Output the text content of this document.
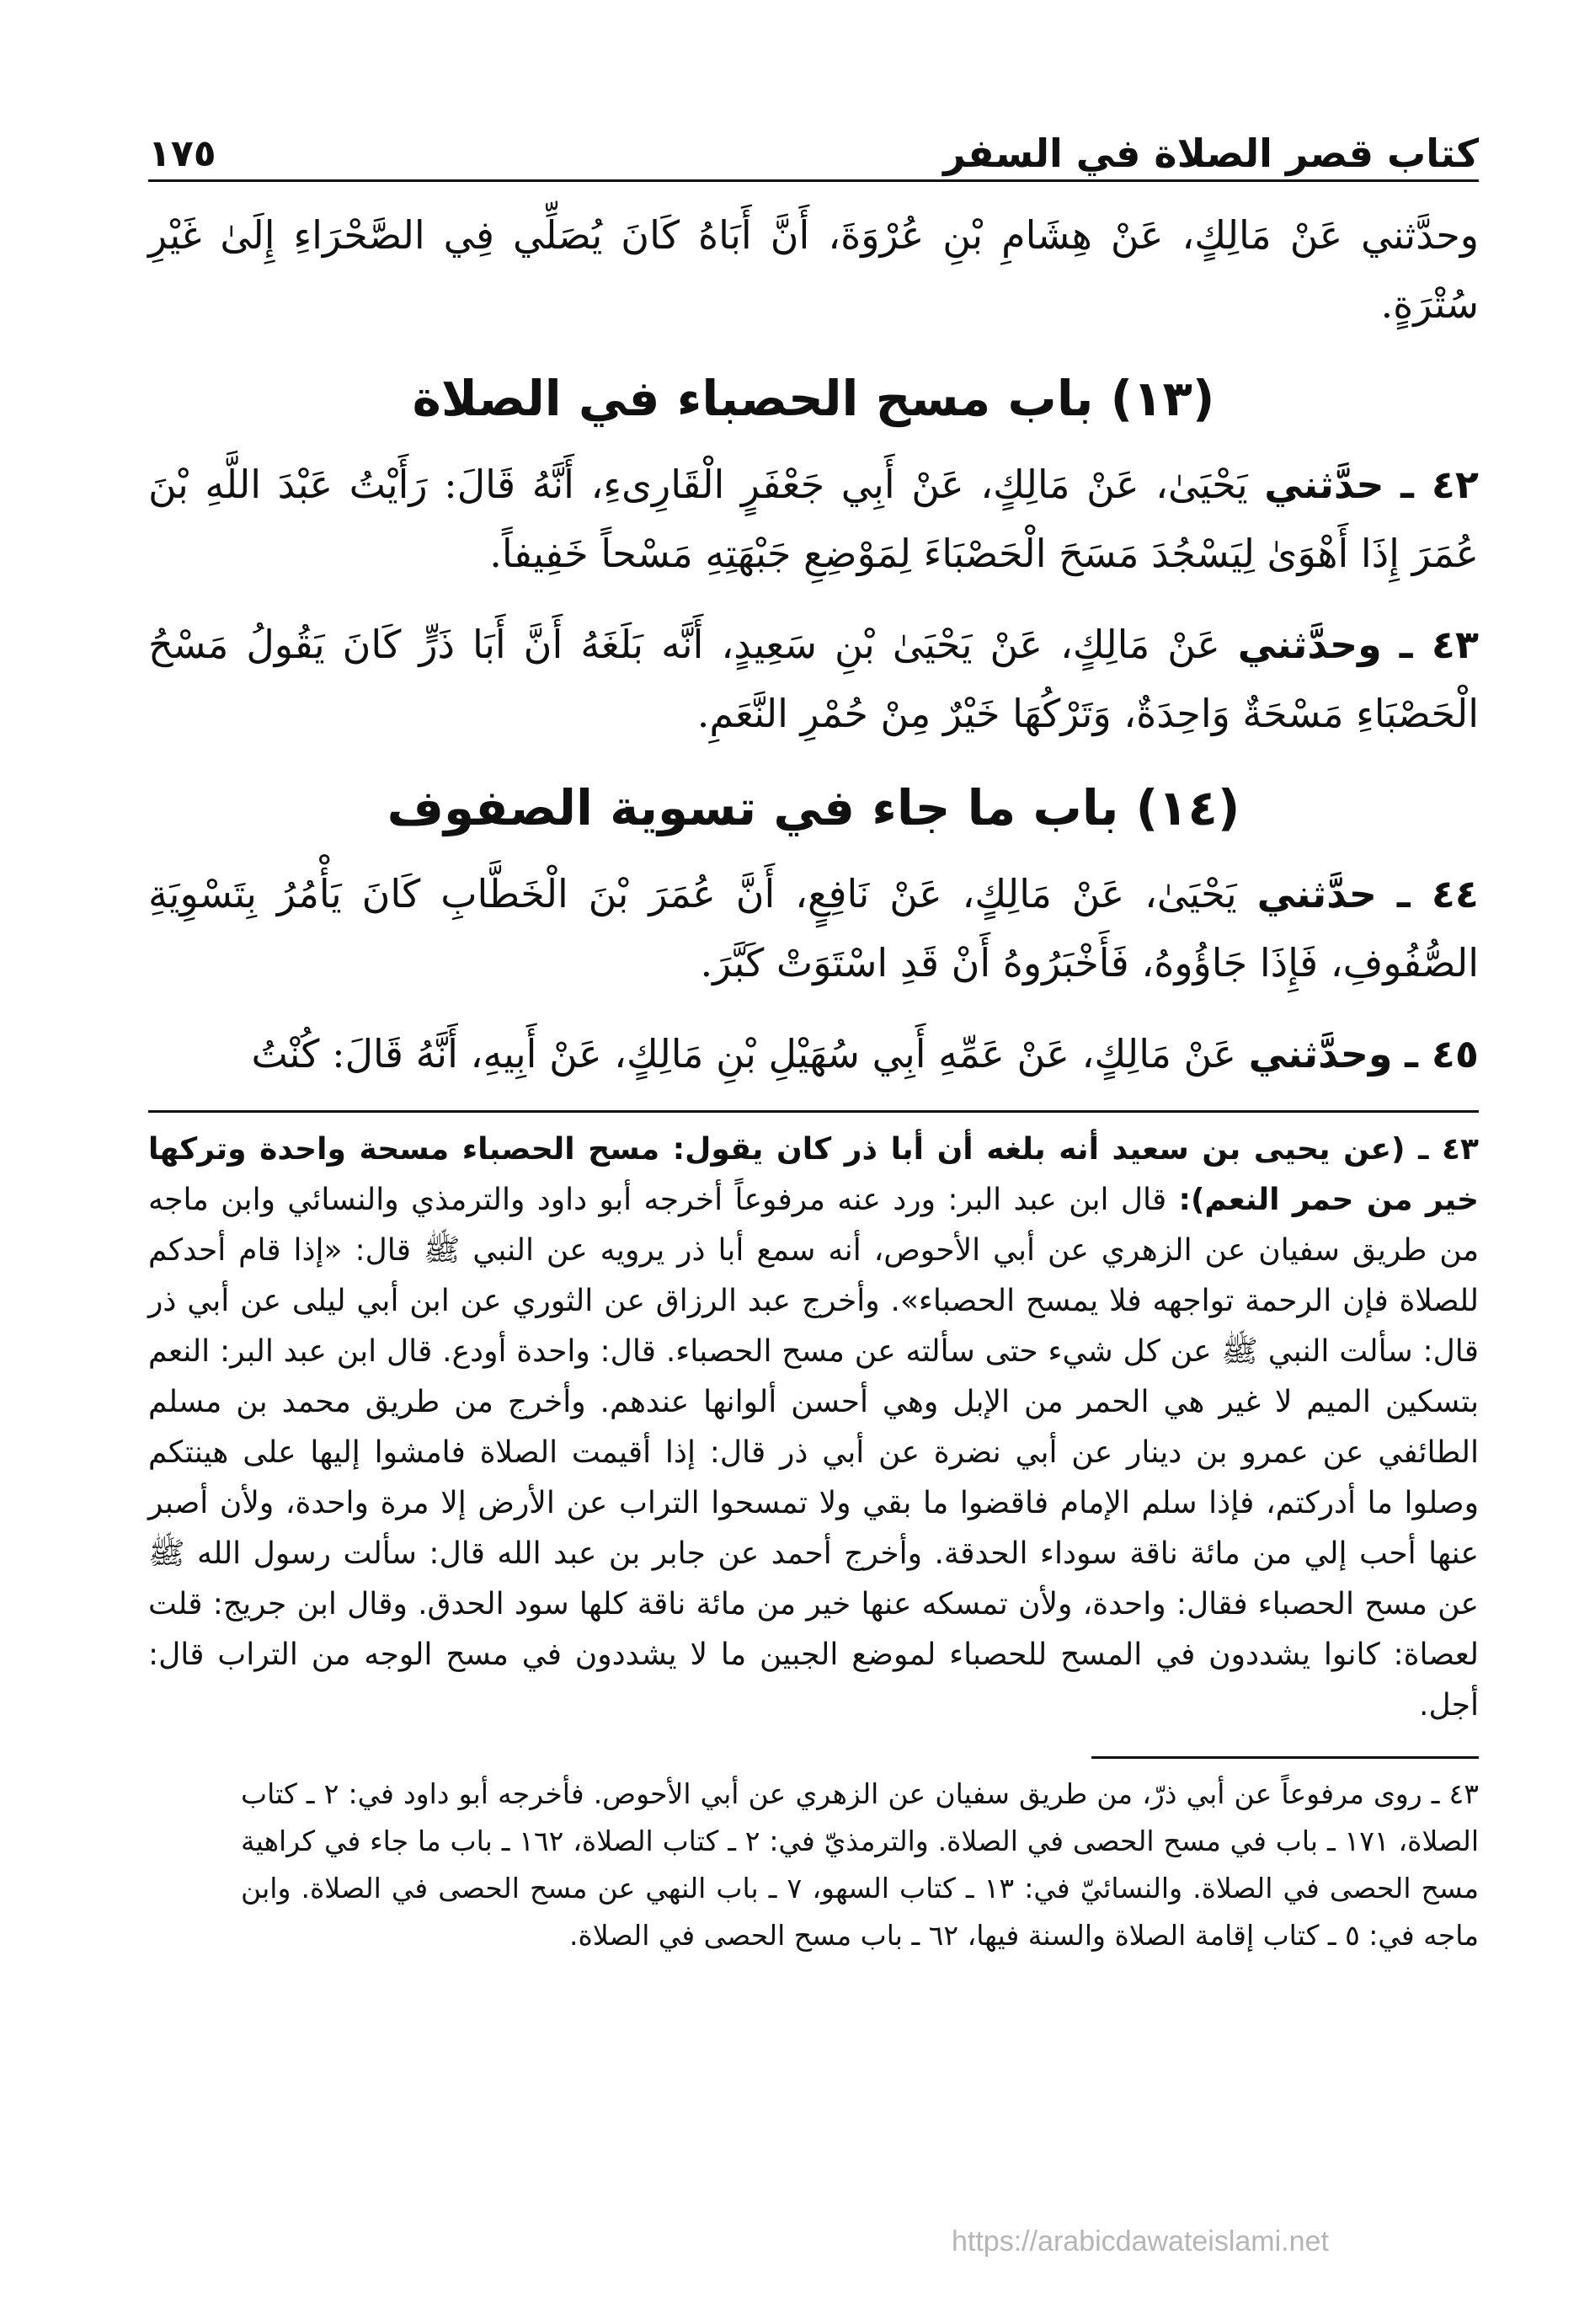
كتاب قصر الصلاة في السفر
١٧٥

وحدَّثني عَنْ مَالِكٍ، عَنْ هِشَامِ بْنِ عُرْوَةَ، أَنَّ أَبَاهُ كَانَ يُصَلِّي فِي الصَّحْرَاءِ إِلَىٰ غَيْرِ سُتْرَةٍ.

(١٣) باب مسح الحصباء في الصلاة

٤٢ ـ حدَّثني يَحْيَىٰ، عَنْ مَالِكٍ، عَنْ أَبِي جَعْفَرٍ الْقَارِىءِ، أَنَّهُ قَالَ: رَأَيْتُ عَبْدَ اللَّهِ بْنَ عُمَرَ إِذَا أَهْوَىٰ لِيَسْجُدَ مَسَحَ الْحَصْبَاءَ لِمَوْضِعِ جَبْهَتِهِ مَسْحاً خَفِيفاً.

٤٣ ـ وحدَّثني عَنْ مَالِكٍ، عَنْ يَحْيَىٰ بْنِ سَعِيدٍ، أَنَّه بَلَغَهُ أَنَّ أَبَا ذَرٍّ كَانَ يَقُولُ مَسْحُ الْحَصْبَاءِ مَسْحَةٌ وَاحِدَةٌ، وَتَرْكُهَا خَيْرٌ مِنْ حُمْرِ النَّعَمِ.

(١٤) باب ما جاء في تسوية الصفوف

٤٤ ـ حدَّثني يَحْيَىٰ، عَنْ مَالِكٍ، عَنْ نَافِعٍ، أَنَّ عُمَرَ بْنَ الْخَطَّابِ كَانَ يَأْمُرُ بِتَسْوِيَةِ الصُّفُوفِ، فَإِذَا جَاؤُوهُ، فَأَخْبَرُوهُ أَنْ قَدِ اسْتَوَتْ كَبَّرَ.

٤٥ ـ وحدَّثني عَنْ مَالِكٍ، عَنْ عَمِّهِ أَبِي سُهَيْلِ بْنِ مَالِكٍ، عَنْ أَبِيهِ، أَنَّهُ قَالَ: كُنْتُ

٤٣ ـ (عن يحيى بن سعيد أنه بلغه أن أبا ذر كان يقول: مسح الحصباء مسحة واحدة وتركها خير من حمر النعم): قال ابن عبد البر: ورد عنه مرفوعاً أخرجه أبو داود والترمذي والنسائي وابن ماجه من طريق سفيان عن الزهري عن أبي الأحوص، أنه سمع أبا ذر يرويه عن النبي ﷺ قال: «إذا قام أحدكم للصلاة فإن الرحمة تواجهه فلا يمسح الحصباء». وأخرج عبد الرزاق عن الثوري عن ابن أبي ليلى عن أبي ذر قال: سألت النبي ﷺ عن كل شيء حتى سألته عن مسح الحصباء. قال: واحدة أودع. قال ابن عبد البر: النعم بتسكين الميم لا غير هي الحمر من الإبل وهي أحسن ألوانها عندهم. وأخرج من طريق محمد بن مسلم الطائفي عن عمرو بن دينار عن أبي نضرة عن أبي ذر قال: إذا أقيمت الصلاة فامشوا إليها على هينتكم وصلوا ما أدركتم، فإذا سلم الإمام فاقضوا ما بقي ولا تمسحوا التراب عن الأرض إلا مرة واحدة، ولأن أصبر عنها أحب إلي من مائة ناقة سوداء الحدقة. وأخرج أحمد عن جابر بن عبد الله قال: سألت رسول الله ﷺ عن مسح الحصباء فقال: واحدة، ولأن تمسكه عنها خير من مائة ناقة كلها سود الحدق. وقال ابن جريج: قلت لعصاة: كانوا يشددون في المسح للحصباء لموضع الجبين ما لا يشددون في مسح الوجه من التراب قال: أجل.

٤٣ ـ روى مرفوعاً عن أبي ذرّ، من طريق سفيان عن الزهري عن أبي الأحوص. فأخرجه أبو داود في: ٢ ـ كتاب الصلاة، ١٧١ ـ باب في مسح الحصى في الصلاة. والترمذيّ في: ٢ ـ كتاب الصلاة، ١٦٢ ـ باب ما جاء في كراهية مسح الحصى في الصلاة. والنسائيّ في: ١٣ ـ كتاب السهو، ٧ ـ باب النهي عن مسح الحصى في الصلاة. وابن ماجه في: ٥ ـ كتاب إقامة الصلاة والسنة فيها، ٦٢ ـ باب مسح الحصى في الصلاة.

https://arabicdawateislami.net
